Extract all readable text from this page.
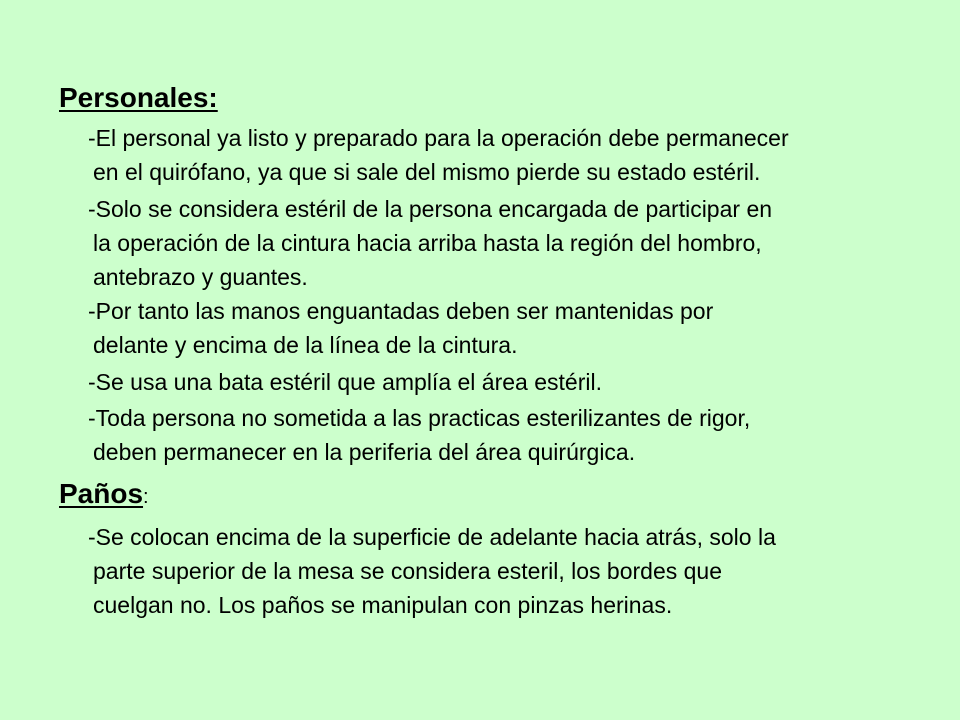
Personales:
-El personal ya listo y preparado para la operación debe permanecer
en el quirófano, ya que si sale del mismo pierde su estado estéril.
-Solo se considera estéril de la persona encargada de participar en
la operación de la cintura hacia arriba hasta la región del hombro,
antebrazo y guantes.
-Por tanto las manos enguantadas deben ser mantenidas por
delante y encima de la línea de la cintura.
-Se usa una bata estéril que amplía el área estéril.
-Toda persona no sometida a las practicas esterilizantes de rigor,
deben permanecer en la periferia del área quirúrgica.
Paños:
-Se colocan encima de la superficie de adelante hacia atrás, solo la
parte superior de la mesa se considera esteril, los bordes que
cuelgan no. Los paños se manipulan con pinzas herinas.
